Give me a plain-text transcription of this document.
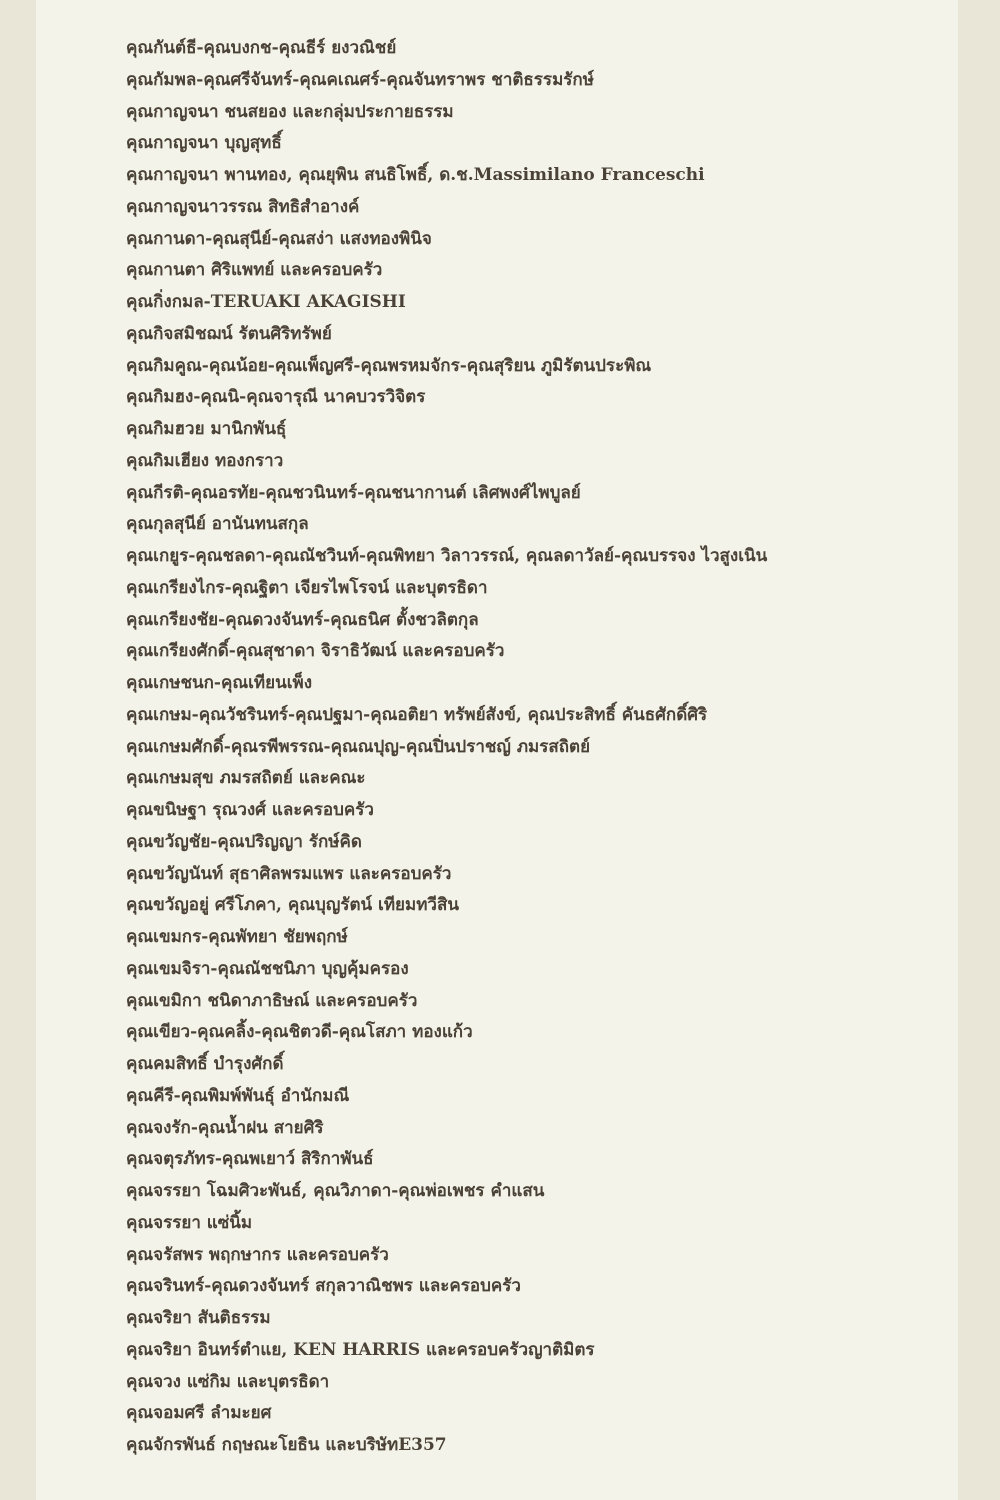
คุณกันต์ธี-คุณบงกช-คุณธีร์ ยงวณิชย์
คุณกัมพล-คุณศรีจันทร์-คุณคเณศร์-คุณจันทราพร ชาติธรรมรักษ์
คุณกาญจนา ชนสยอง และกลุ่มประกายธรรม
คุณกาญจนา บุญสุทธิ์
คุณกาญจนา พานทอง, คุณยุพิน สนธิโพธิ์, ด.ช.Massimilano Franceschi
คุณกาญจนาวรรณ สิทธิสำอางค์
คุณกานดา-คุณสุนีย์-คุณสง่า แสงทองพินิจ
คุณกานตา ศิริแพทย์ และครอบครัว
คุณกิ่งกมล-TERUAKI AKAGISHI
คุณกิจสมิชฌน์ รัตนศิริทรัพย์
คุณกิมคูณ-คุณน้อย-คุณเพ็ญศรี-คุณพรหมจักร-คุณสุริยน ภูมิรัตนประพิณ
คุณกิมฮง-คุณนิ-คุณจารุณี นาคบวรวิจิตร
คุณกิมฮวย มานิกพันธุ์
คุณกิมเฮียง ทองกราว
คุณกีรติ-คุณอรทัย-คุณชวนินทร์-คุณชนากานต์ เลิศพงศ์ไพบูลย์
คุณกุลสุนีย์ อานันทนสกุล
คุณเกยูร-คุณชลดา-คุณณัชวินท์-คุณพิทยา วิลาวรรณ์, คุณลดาวัลย์-คุณบรรจง ไวสูงเนิน
คุณเกรียงไกร-คุณฐิตา เจียรไพโรจน์ และบุตรธิดา
คุณเกรียงชัย-คุณดวงจันทร์-คุณธนิศ ตั้งชวลิตกุล
คุณเกรียงศักดิ์-คุณสุชาดา จิราธิวัฒน์ และครอบครัว
คุณเกษชนก-คุณเทียนเพ็ง
คุณเกษม-คุณวัชรินทร์-คุณปฐมา-คุณอติยา ทรัพย์สังข์, คุณประสิทธิ์ คันธศักดิ์ศิริ
คุณเกษมศักดิ์-คุณรพีพรรณ-คุณณปุญ-คุณปิ่นปราชญ์ ภมรสถิตย์
คุณเกษมสุข ภมรสถิตย์ และคณะ
คุณขนิษฐา รุณวงศ์ และครอบครัว
คุณขวัญชัย-คุณปริญญา รักษ์คิด
คุณขวัญนันท์ สุธาศิลพรมแพร และครอบครัว
คุณขวัญอยู่ ศรีโภคา, คุณบุญรัตน์ เทียมทวีสิน
คุณเขมกร-คุณพัทยา ชัยพฤกษ์
คุณเขมจิรา-คุณณัชชนิภา บุญคุ้มครอง
คุณเขมิกา ชนิดาภาธิษณ์ และครอบครัว
คุณเขียว-คุณคลิ้ง-คุณชิตวดี-คุณโสภา ทองแก้ว
คุณคมสิทธิ์ บำรุงศักดิ์
คุณคีรี-คุณพิมพ์พันธุ์ อำนักมณี
คุณจงรัก-คุณน้ำฝน สายศิริ
คุณจตุรภัทร-คุณพเยาว์ สิริกาพันธ์
คุณจรรยา โฉมศิวะพันธ์, คุณวิภาดา-คุณพ่อเพชร คำแสน
คุณจรรยา แซ่นิ้ม
คุณจรัสพร พฤกษากร และครอบครัว
คุณจรินทร์-คุณดวงจันทร์ สกุลวาณิชพร และครอบครัว
คุณจริยา สันติธรรม
คุณจริยา อินทร์ตำแย, KEN HARRIS และครอบครัวญาติมิตร
คุณจวง แซ่กิม และบุตรธิดา
คุณจอมศรี ลำมะยศ
คุณจักรพันธ์ กฤษณะโยธิน และบริษัทE357
